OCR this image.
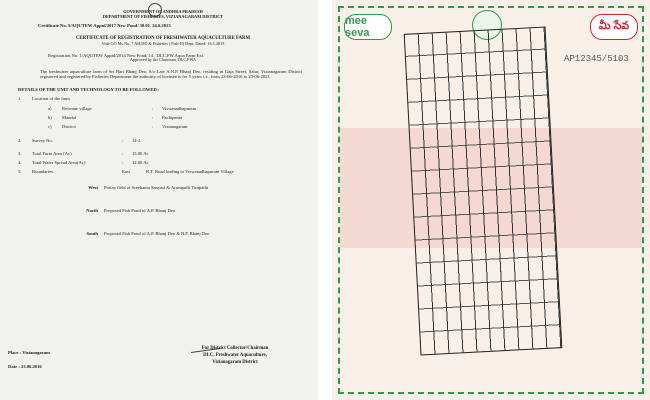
GOVERNMENT OF ANDHRA PRADESH
DEPARTMENT OF FISHERIES, VIZIANAGARAM DISTRICT
Certificate No. 5/AQUTEW Appnl/2017 New Pond/ 30.01. 24.6.2013
CERTIFICATE OF REGISTRATION OF FRESHWATER AQUACULTURE FARM
Vide GO Ms.No. 7 AH,DD & Fisheries ( Fish-II) Dept. Dated: 16.1.2013
Registration No. 1/AQUTEW Appnl/2014 New Pond/ 14 , DLC,FW Aqua Farm Ext.
Approved by the Chairman, DLC,FWA
The freshwater aquaculture farm of Sri Hari Bhanj Deo, S/o Late A.N.P. Bhanj Deo, residing in Gaja Street, Salur, Vizianagaram District registered and registered by Fisheries Department the authority of licensee is for 5 years i.e., from 23-06-2016 to 23-06-2021.
DETAILS OF THE UNIT AND TECHNOLOGY TO BE FOLLOWED :
1.	Location of the farm
a)	Revenue village	:	Viswanadhapuram
b)	Mandal	:	Pachipenta
c)	District	:	Vizianagaram
2.	Survey No.	:	14-2
3.	Total Farm Area (Ac)	:	15.00 Ac
4.	Total Water Spread Area(Ac)	:	12.00 Ac
5.	Boundaries	East	R.T. Road leading to Viswanadhapuram Village
West	Portay field of Sreekanta Sanyasi & Aravapalli Tirupathi
North	Proposed Fish Pond of A.P. Bhanj Deo
South	Proposed Fish Pond of A.P. Bhanj Deo & B.P. Bhanj Deo
Place : Vizianagaram
Date : 23.06.2016
For District Collector/Chairman
DLC, Freshwater Aquaculture,
Vizianagaram District
mee seva
మీ సేవ
AP12345/5103
